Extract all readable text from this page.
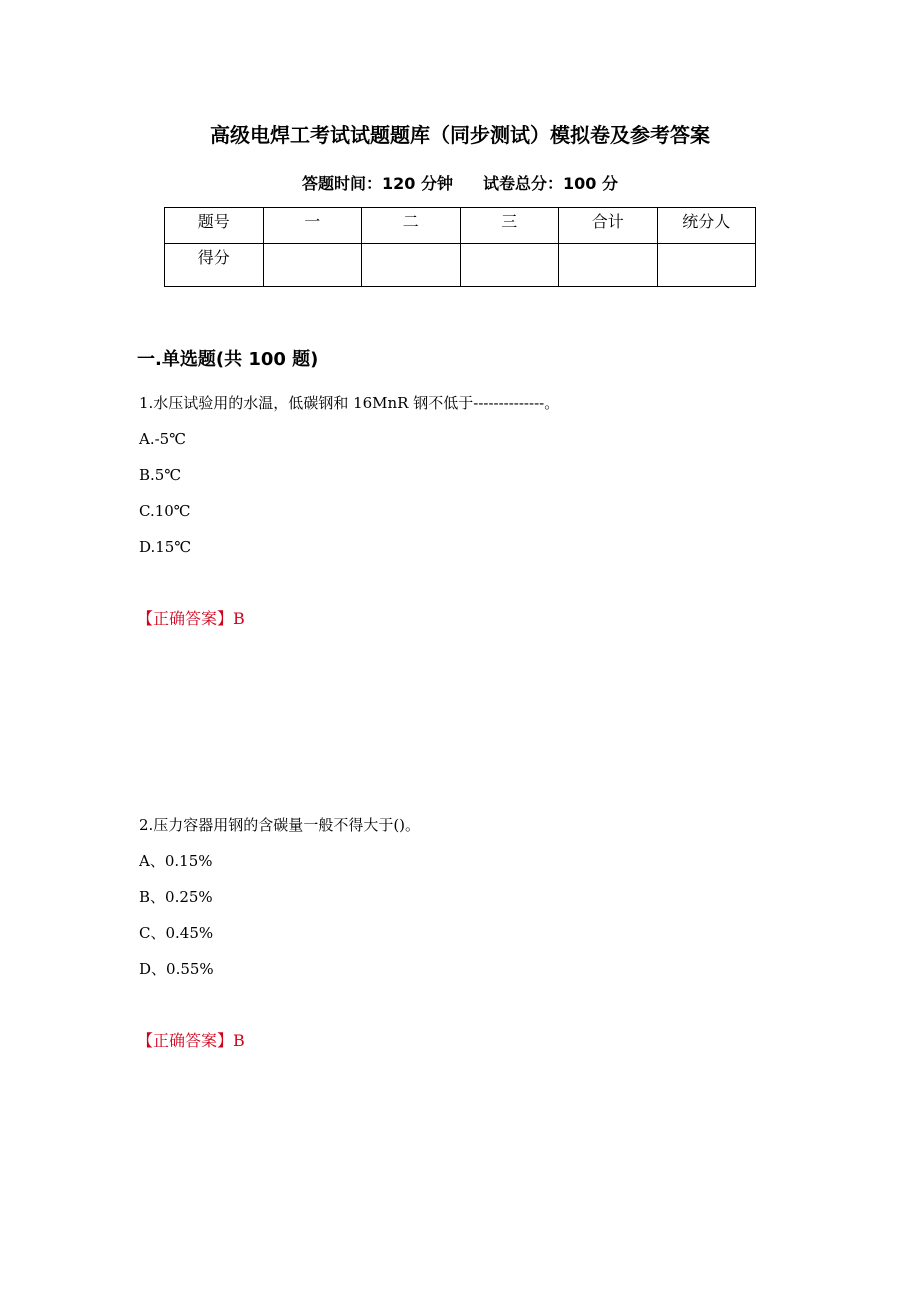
高级电焊工考试试题题库（同步测试）模拟卷及参考答案
答题时间：120 分钟 试卷总分：100 分
题号	一	二	三	合计	统分人
得分					
一.单选题(共 100 题)
1.水压试验用的水温，低碳钢和 16MnR 钢不低于--------------。
A.-5℃
B.5℃
C.10℃
D.15℃
【正确答案】B
2.压力容器用钢的含碳量一般不得大于()。
A、0.15%
B、0.25%
C、0.45%
D、0.55%
【正确答案】B
